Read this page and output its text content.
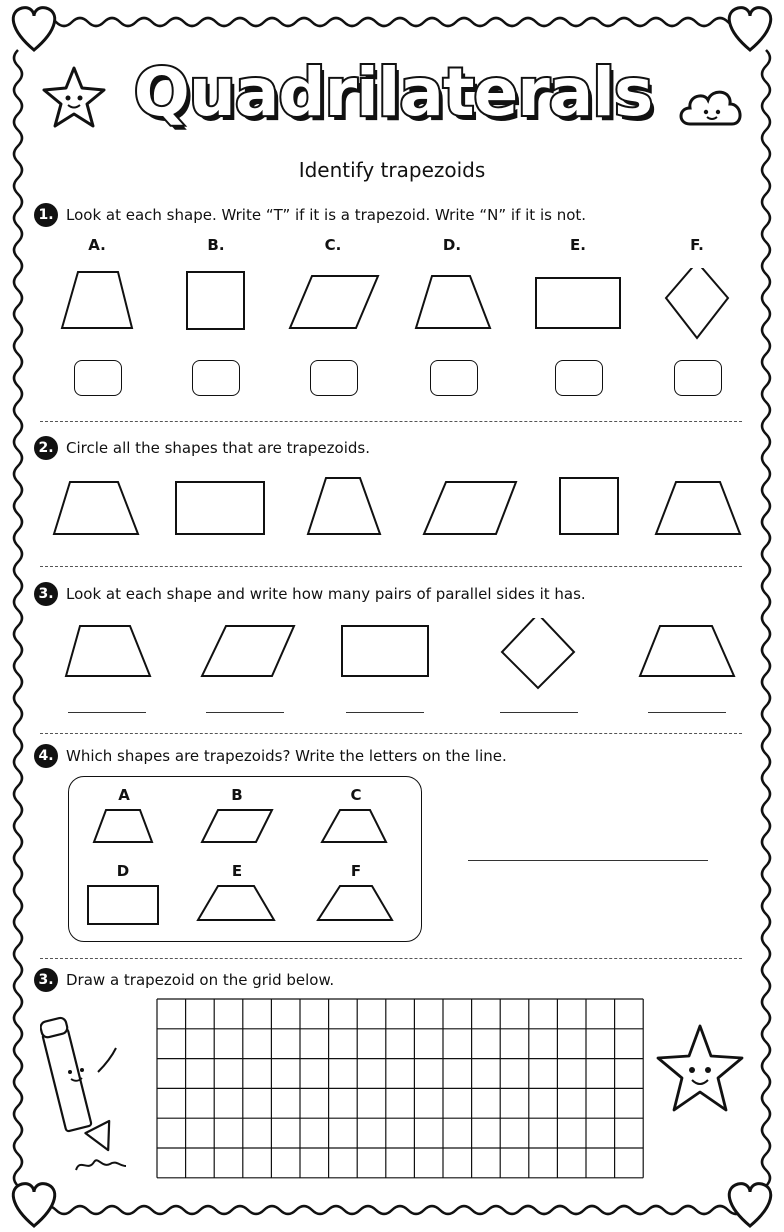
Quadrilaterals
Identify trapezoids
1. Look at each shape. Write “T” if it is a trapezoid. Write “N” if it is not.
A.	B.	C.	D.	E.	F.
2. Circle all the shapes that are trapezoids.
3. Look at each shape and write how many pairs of parallel sides it has.
4. Which shapes are trapezoids? Write the letters on the line.
A	B	C
D	E	F
3. Draw a trapezoid on the grid below.
